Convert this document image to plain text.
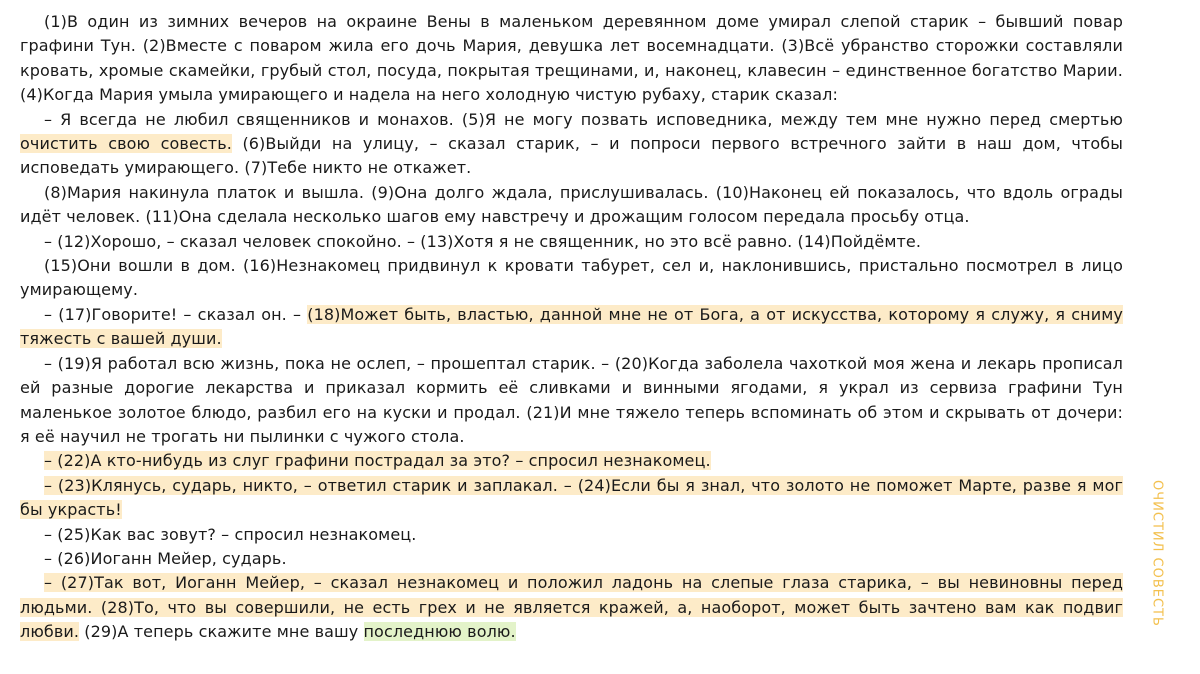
(1)В один из зимних вечеров на окраине Вены в маленьком деревянном доме умирал слепой старик – бывший повар графини Тун. (2)Вместе с поваром жила его дочь Мария, девушка лет восемнадцати. (3)Всё убранство сторожки составляли кровать, хромые скамейки, грубый стол, посуда, покрытая трещинами, и, наконец, клавесин – единственное богатство Марии. (4)Когда Мария умыла умирающего и надела на него холодную чистую рубаху, старик сказал:

– Я всегда не любил священников и монахов. (5)Я не могу позвать исповедника, между тем мне нужно перед смертью очистить свою совесть. (6)Выйди на улицу, – сказал старик, – и попроси первого встречного зайти в наш дом, чтобы исповедать умирающего. (7)Тебе никто не откажет.

(8)Мария накинула платок и вышла. (9)Она долго ждала, прислушивалась. (10)Наконец ей показалось, что вдоль ограды идёт человек. (11)Она сделала несколько шагов ему навстречу и дрожащим голосом передала просьбу отца.

– (12)Хорошо, – сказал человек спокойно. – (13)Хотя я не священник, но это всё равно. (14)Пойдёмте.

(15)Они вошли в дом. (16)Незнакомец придвинул к кровати табурет, сел и, наклонившись, пристально посмотрел в лицо умирающему.

– (17)Говорите! – сказал он. – (18)Может быть, властью, данной мне не от Бога, а от искусства, которому я служу, я сниму тяжесть с вашей души.

– (19)Я работал всю жизнь, пока не ослеп, – прошептал старик. – (20)Когда заболела чахоткой моя жена и лекарь прописал ей разные дорогие лекарства и приказал кормить её сливками и винными ягодами, я украл из сервиза графини Тун маленькое золотое блюдо, разбил его на куски и продал. (21)И мне тяжело теперь вспоминать об этом и скрывать от дочери: я её научил не трогать ни пылинки с чужого стола.

– (22)А кто-нибудь из слуг графини пострадал за это? – спросил незнакомец.

– (23)Клянусь, сударь, никто, – ответил старик и заплакал. – (24)Если бы я знал, что золото не поможет Марте, разве я мог бы украсть!

– (25)Как вас зовут? – спросил незнакомец.

– (26)Иоганн Мейер, сударь.

– (27)Так вот, Иоганн Мейер, – сказал незнакомец и положил ладонь на слепые глаза старика, – вы невиновны перед людьми. (28)То, что вы совершили, не есть грех и не является кражей, а, наоборот, может быть зачтено вам как подвиг любви. (29)А теперь скажите мне вашу последнюю волю.

ОЧИСТИЛ СОВЕСТЬ
